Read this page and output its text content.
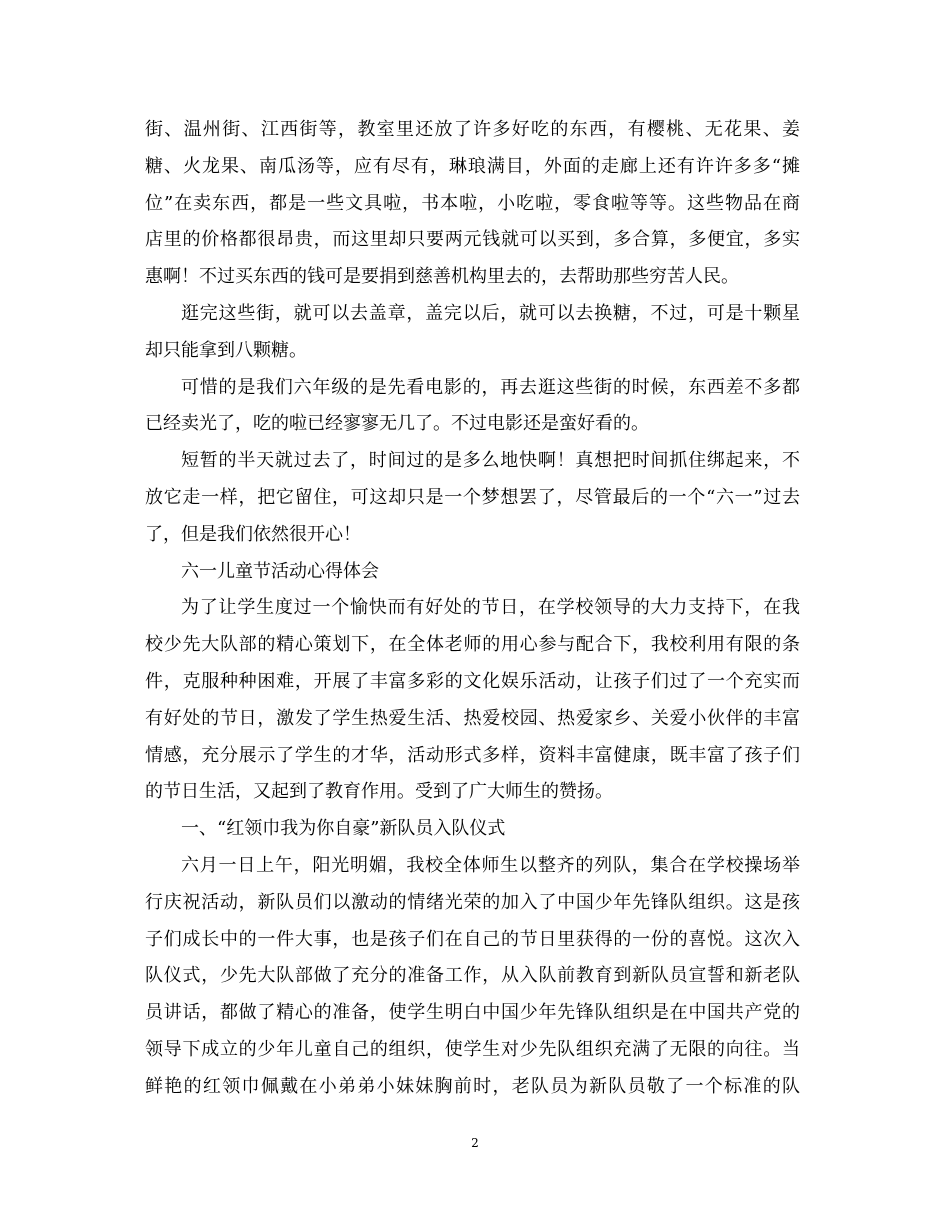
街、温州街、江西街等，教室里还放了许多好吃的东西，有樱桃、无花果、姜
糖、火龙果、南瓜汤等，应有尽有，琳琅满目，外面的走廊上还有许许多多“摊
位”在卖东西，都是一些文具啦，书本啦，小吃啦，零食啦等等。这些物品在商
店里的价格都很昂贵，而这里却只要两元钱就可以买到，多合算，多便宜，多实
惠啊！不过买东西的钱可是要捐到慈善机构里去的，去帮助那些穷苦人民。
逛完这些街，就可以去盖章，盖完以后，就可以去换糖，不过，可是十颗星
却只能拿到八颗糖。
可惜的是我们六年级的是先看电影的，再去逛这些街的时候，东西差不多都
已经卖光了，吃的啦已经寥寥无几了。不过电影还是蛮好看的。
短暂的半天就过去了，时间过的是多么地快啊！真想把时间抓住绑起来，不
放它走一样，把它留住，可这却只是一个梦想罢了，尽管最后的一个“六一”过去
了，但是我们依然很开心！
六一儿童节活动心得体会
为了让学生度过一个愉快而有好处的节日，在学校领导的大力支持下，在我
校少先大队部的精心策划下，在全体老师的用心参与配合下，我校利用有限的条
件，克服种种困难，开展了丰富多彩的文化娱乐活动，让孩子们过了一个充实而
有好处的节日，激发了学生热爱生活、热爱校园、热爱家乡、关爱小伙伴的丰富
情感，充分展示了学生的才华，活动形式多样，资料丰富健康，既丰富了孩子们
的节日生活，又起到了教育作用。受到了广大师生的赞扬。
一、“红领巾我为你自豪”新队员入队仪式
六月一日上午，阳光明媚，我校全体师生以整齐的列队，集合在学校操场举
行庆祝活动，新队员们以激动的情绪光荣的加入了中国少年先锋队组织。这是孩
子们成长中的一件大事，也是孩子们在自己的节日里获得的一份的喜悦。这次入
队仪式，少先大队部做了充分的准备工作，从入队前教育到新队员宣誓和新老队
员讲话，都做了精心的准备，使学生明白中国少年先锋队组织是在中国共产党的
领导下成立的少年儿童自己的组织，使学生对少先队组织充满了无限的向往。当
鲜艳的红领巾佩戴在小弟弟小妹妹胸前时，老队员为新队员敬了一个标准的队
2
